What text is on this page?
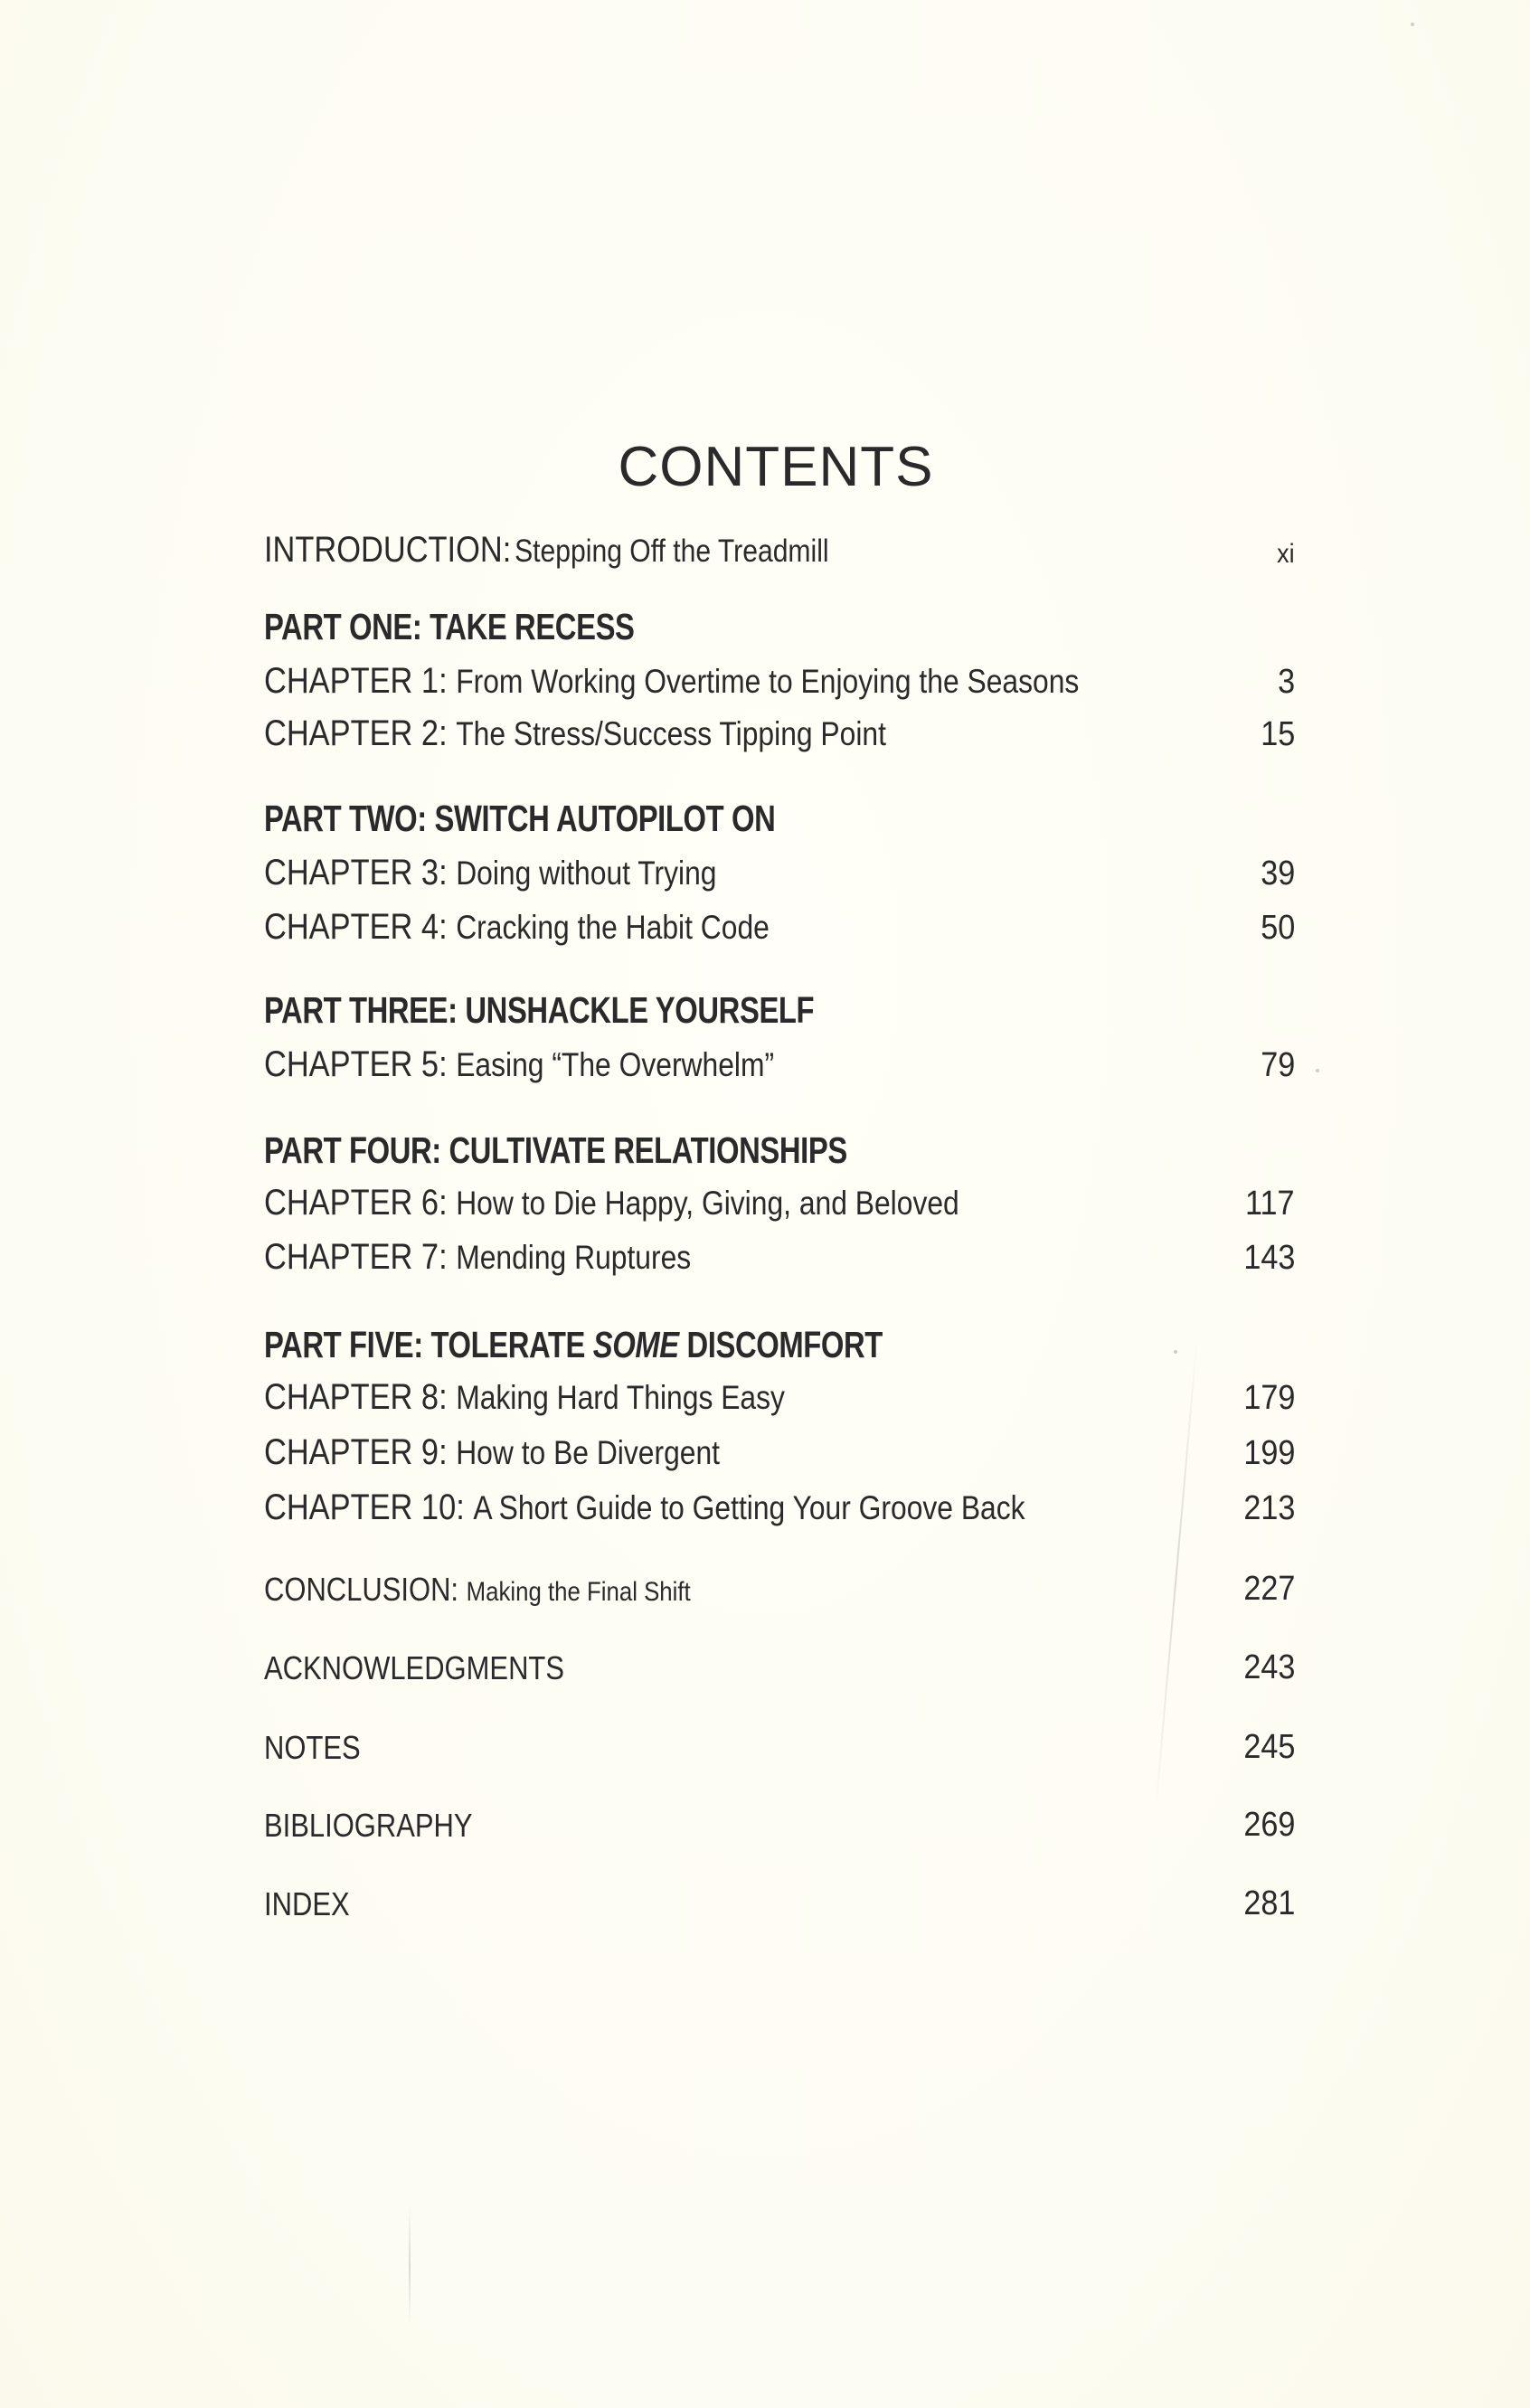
CONTENTS
INTRODUCTION: Stepping Off the Treadmill	xi
PART ONE: TAKE RECESS
CHAPTER 1: From Working Overtime to Enjoying the Seasons	3
CHAPTER 2: The Stress/Success Tipping Point	15
PART TWO: SWITCH AUTOPILOT ON
CHAPTER 3: Doing without Trying	39
CHAPTER 4: Cracking the Habit Code	50
PART THREE: UNSHACKLE YOURSELF
CHAPTER 5: Easing “The Overwhelm”	79
PART FOUR: CULTIVATE RELATIONSHIPS
CHAPTER 6: How to Die Happy, Giving, and Beloved	117
CHAPTER 7: Mending Ruptures	143
PART FIVE: TOLERATE SOME DISCOMFORT
CHAPTER 8: Making Hard Things Easy	179
CHAPTER 9: How to Be Divergent	199
CHAPTER 10: A Short Guide to Getting Your Groove Back	213
CONCLUSION: Making the Final Shift	227
ACKNOWLEDGMENTS	243
NOTES	245
BIBLIOGRAPHY	269
INDEX	281
